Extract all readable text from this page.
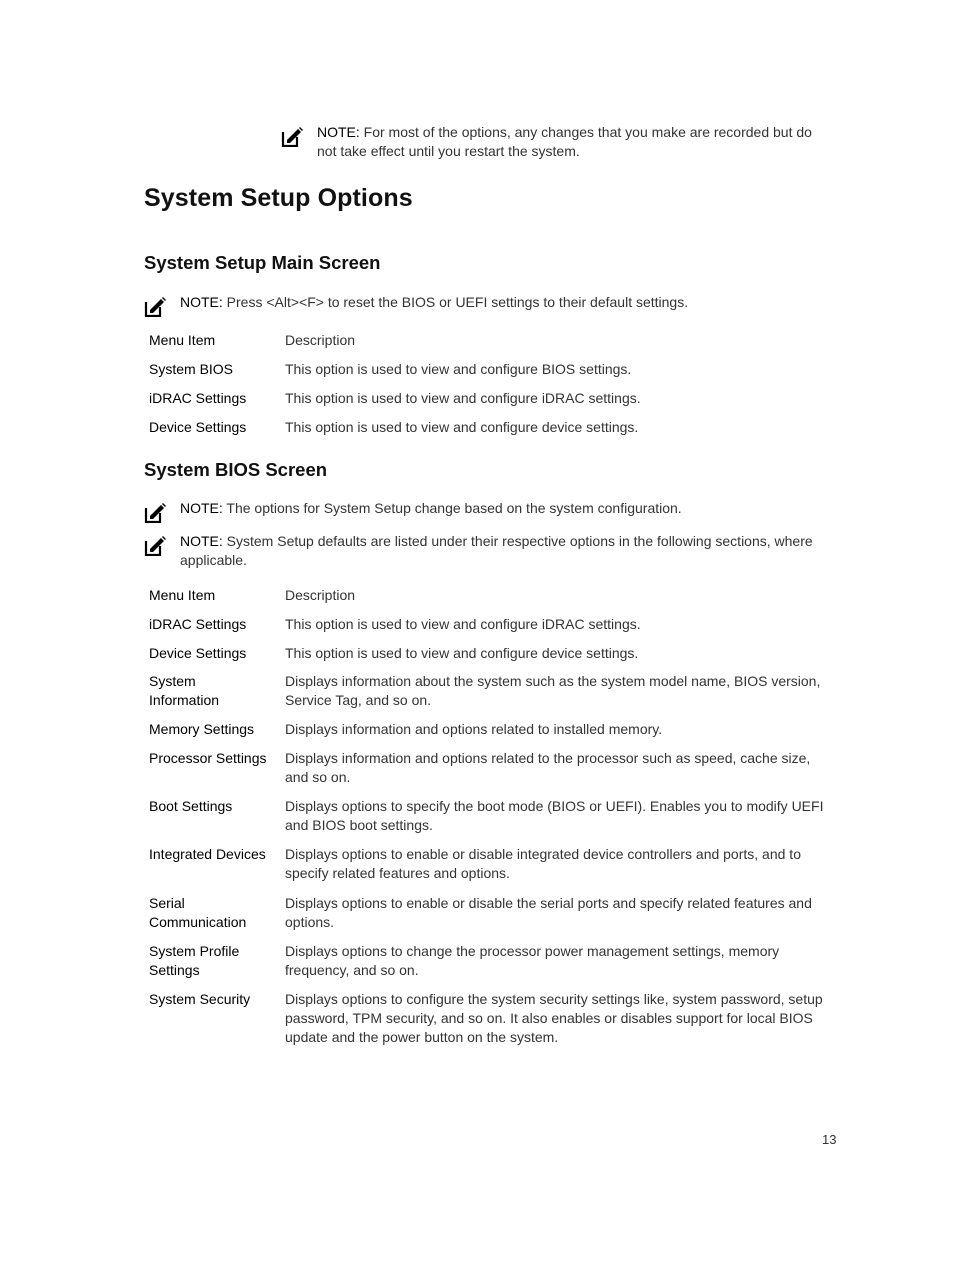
NOTE: For most of the options, any changes that you make are recorded but do not take effect until you restart the system.
System Setup Options
System Setup Main Screen
NOTE: Press <Alt><F> to reset the BIOS or UEFI settings to their default settings.
Menu Item	Description
System BIOS	This option is used to view and configure BIOS settings.
iDRAC Settings	This option is used to view and configure iDRAC settings.
Device Settings	This option is used to view and configure device settings.
System BIOS Screen
NOTE: The options for System Setup change based on the system configuration.
NOTE: System Setup defaults are listed under their respective options in the following sections, where applicable.
Menu Item	Description
iDRAC Settings	This option is used to view and configure iDRAC settings.
Device Settings	This option is used to view and configure device settings.

System Information	Displays information about the system such as the system model name, BIOS version, Service Tag, and so on.
Memory Settings	Displays information and options related to installed memory.
Processor Settings	Displays information and options related to the processor such as speed, cache size, and so on.
Boot Settings	Displays options to specify the boot mode (BIOS or UEFI). Enables you to modify UEFI and BIOS boot settings.
Integrated Devices	Displays options to enable or disable integrated device controllers and ports, and to specify related features and options.

Serial Communication	Displays options to enable or disable the serial ports and specify related features and options.

System Profile Settings	Displays options to change the processor power management settings, memory frequency, and so on.
System Security	Displays options to configure the system security settings like, system password, setup password, TPM security, and so on. It also enables or disables support for local BIOS update and the power button on the system.
13
